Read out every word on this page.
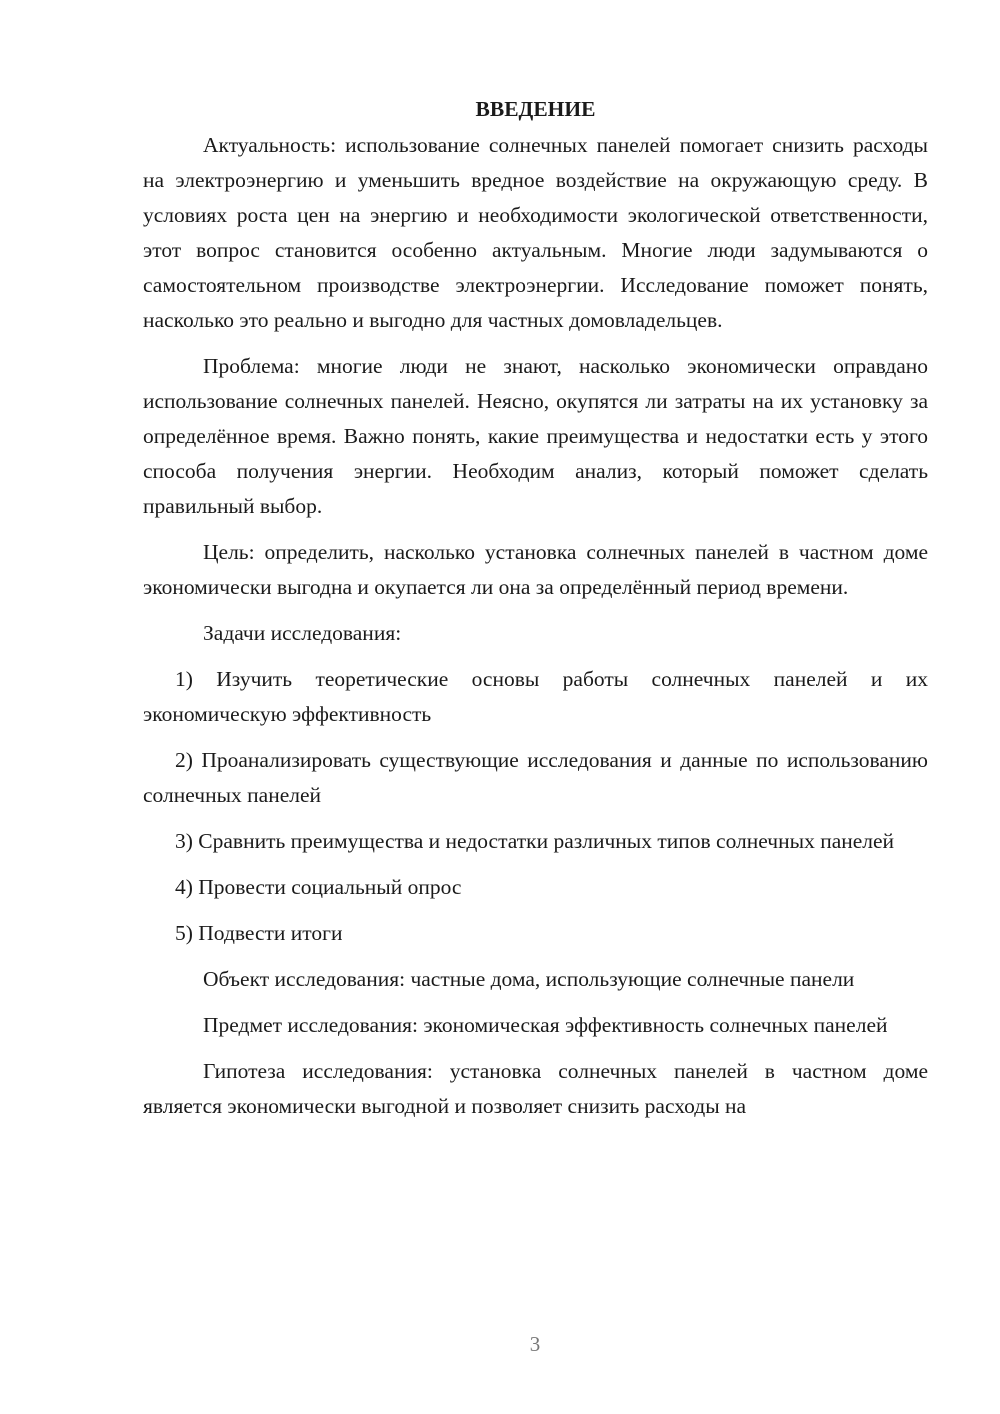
ВВЕДЕНИЕ

Актуальность: использование солнечных панелей помогает снизить расходы на электроэнергию и уменьшить вредное воздействие на окружающую среду. В условиях роста цен на энергию и необходимости экологической ответственности, этот вопрос становится особенно актуальным. Многие люди задумываются о самостоятельном производстве электроэнергии. Исследование поможет понять, насколько это реально и выгодно для частных домовладельцев.

Проблема: многие люди не знают, насколько экономически оправдано использование солнечных панелей. Неясно, окупятся ли затраты на их установку за определённое время. Важно понять, какие преимущества и недостатки есть у этого способа получения энергии. Необходим анализ, который поможет сделать правильный выбор.

Цель: определить, насколько установка солнечных панелей в частном доме экономически выгодна и окупается ли она за определённый период времени.

Задачи исследования:

1) Изучить теоретические основы работы солнечных панелей и их экономическую эффективность

2) Проанализировать существующие исследования и данные по использованию солнечных панелей

3) Сравнить преимущества и недостатки различных типов солнечных панелей

4) Провести социальный опрос

5) Подвести итоги

Объект исследования: частные дома, использующие солнечные панели

Предмет исследования: экономическая эффективность солнечных панелей

Гипотеза исследования: установка солнечных панелей в частном доме является экономически выгодной и позволяет снизить расходы на

3
